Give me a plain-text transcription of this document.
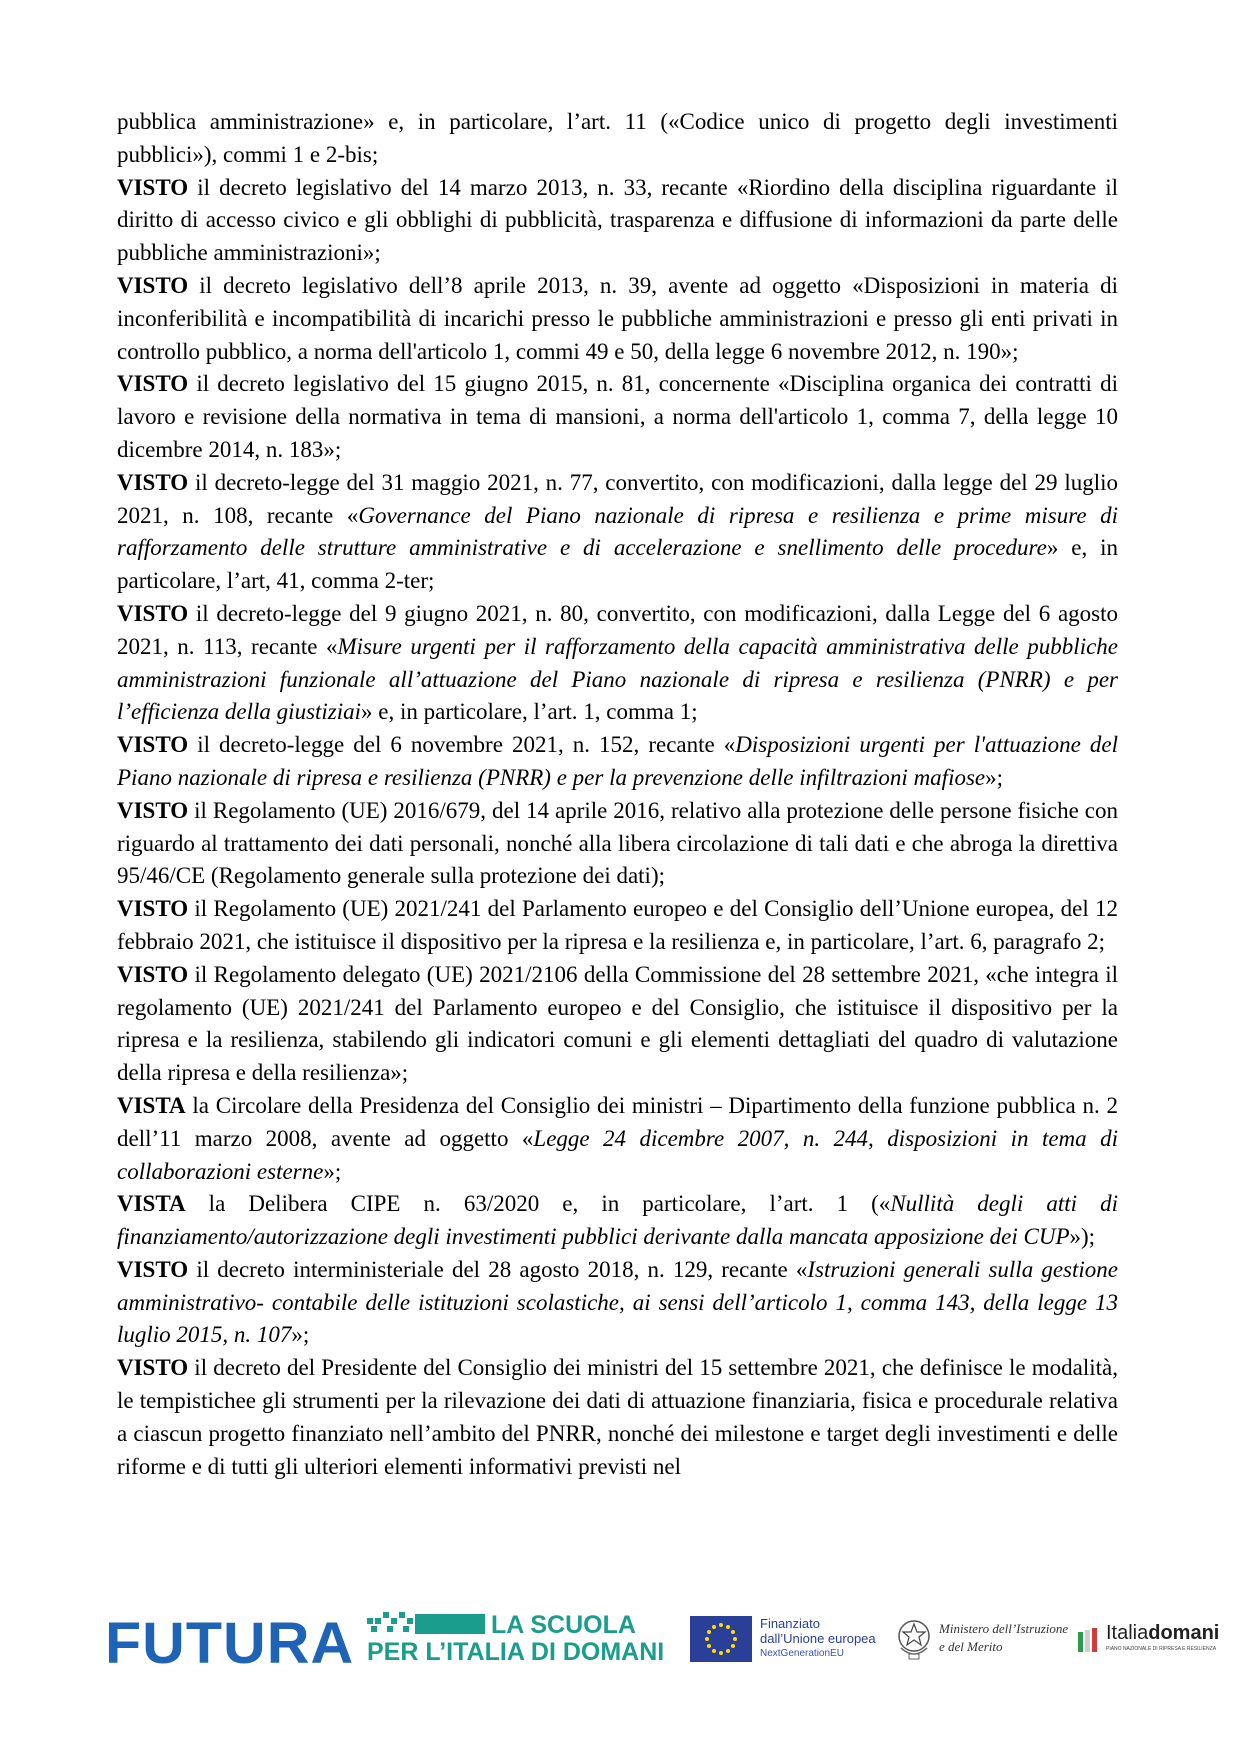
pubblica amministrazione» e, in particolare, l’art. 11 («Codice unico di progetto degli investimenti pubblici»), commi 1 e 2-bis;

VISTO il decreto legislativo del 14 marzo 2013, n. 33, recante «Riordino della disciplina riguardante il diritto di accesso civico e gli obblighi di pubblicità, trasparenza e diffusione di informazioni da parte delle pubbliche amministrazioni»;

VISTO il decreto legislativo dell’8 aprile 2013, n. 39, avente ad oggetto «Disposizioni in materia di inconferibilità e incompatibilità di incarichi presso le pubbliche amministrazioni e presso gli enti privati in controllo pubblico, a norma dell'articolo 1, commi 49 e 50, della legge 6 novembre 2012, n. 190»;

VISTO il decreto legislativo del 15 giugno 2015, n. 81, concernente «Disciplina organica dei contratti di lavoro e revisione della normativa in tema di mansioni, a norma dell'articolo 1, comma 7, della legge 10 dicembre 2014, n. 183»;

VISTO il decreto-legge del 31 maggio 2021, n. 77, convertito, con modificazioni, dalla legge del 29 luglio 2021, n. 108, recante «Governance del Piano nazionale di ripresa e resilienza e prime misure di rafforzamento delle strutture amministrative e di accelerazione e snellimento delle procedure» e, in particolare, l’art, 41, comma 2-ter;

VISTO il decreto-legge del 9 giugno 2021, n. 80, convertito, con modificazioni, dalla Legge del 6 agosto 2021, n. 113, recante «Misure urgenti per il rafforzamento della capacità amministrativa delle pubbliche amministrazioni funzionale all’attuazione del Piano nazionale di ripresa e resilienza (PNRR) e per l’efficienza della giustiziai» e, in particolare, l’art. 1, comma 1;

VISTO il decreto-legge del 6 novembre 2021, n. 152, recante «Disposizioni urgenti per l'attuazione del Piano nazionale di ripresa e resilienza (PNRR) e per la prevenzione delle infiltrazioni mafiose»;

VISTO il Regolamento (UE) 2016/679, del 14 aprile 2016, relativo alla protezione delle persone fisiche con riguardo al trattamento dei dati personali, nonché alla libera circolazione di tali dati e che abroga la direttiva 95/46/CE (Regolamento generale sulla protezione dei dati);

VISTO il Regolamento (UE) 2021/241 del Parlamento europeo e del Consiglio dell’Unione europea, del 12 febbraio 2021, che istituisce il dispositivo per la ripresa e la resilienza e, in particolare, l’art. 6, paragrafo 2;

VISTO il Regolamento delegato (UE) 2021/2106 della Commissione del 28 settembre 2021, «che integra il regolamento (UE) 2021/241 del Parlamento europeo e del Consiglio, che istituisce il dispositivo per la ripresa e la resilienza, stabilendo gli indicatori comuni e gli elementi dettagliati del quadro di valutazione della ripresa e della resilienza»;

VISTA la Circolare della Presidenza del Consiglio dei ministri – Dipartimento della funzione pubblica n. 2 dell’11 marzo 2008, avente ad oggetto «Legge 24 dicembre 2007, n. 244, disposizioni in tema di collaborazioni esterne»;

VISTA la Delibera CIPE n. 63/2020 e, in particolare, l’art. 1 («Nullità degli atti di finanziamento/autorizzazione degli investimenti pubblici derivante dalla mancata apposizione dei CUP»);

VISTO il decreto interministeriale del 28 agosto 2018, n. 129, recante «Istruzioni generali sulla gestione amministrativo- contabile delle istituzioni scolastiche, ai sensi dell’articolo 1, comma 143, della legge 13 luglio 2015, n. 107»;

VISTO il decreto del Presidente del Consiglio dei ministri del 15 settembre 2021, che definisce le modalità, le tempistichee gli strumenti per la rilevazione dei dati di attuazione finanziaria, fisica e procedurale relativa a ciascun progetto finanziato nell’ambito del PNRR, nonché dei milestone e target degli investimenti e delle riforme e di tutti gli ulteriori elementi informativi previsti nel

FUTURA	LA SCUOLA
PER L’ITALIA DI DOMANI
Finanziato
dall’Unione europea
NextGenerationEU
Ministero dell’Istruzione
e del Merito
Italiadomani
PIANO NAZIONALE DI RIPRESA E RESILIENZA
